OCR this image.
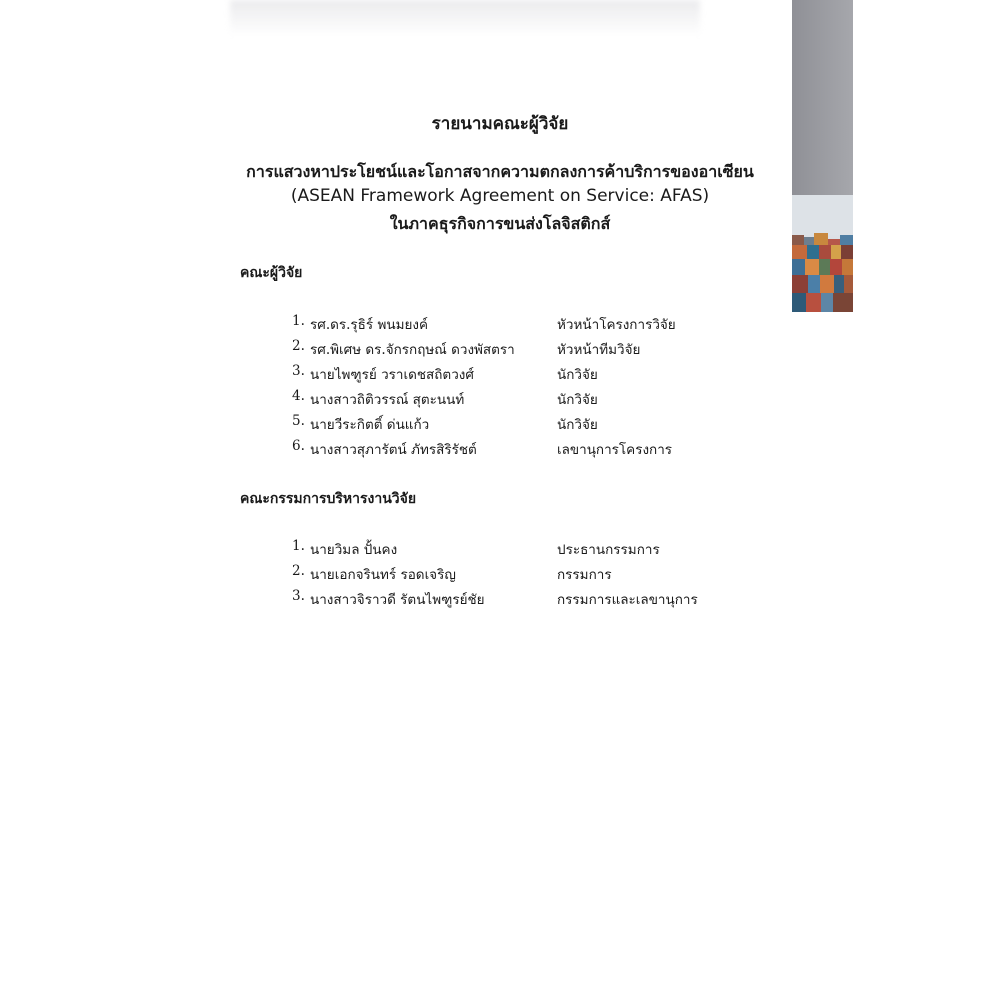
รายนามคณะผู้วิจัย
การแสวงหาประโยชน์และโอกาสจากความตกลงการค้าบริการของอาเซียน
(ASEAN Framework Agreement on Service: AFAS)
ในภาคธุรกิจการขนส่งโลจิสติกส์
คณะผู้วิจัย
1. รศ.ดร.รุธิร์ พนมยงค์	หัวหน้าโครงการวิจัย
2. รศ.พิเศษ ดร.จักรกฤษณ์ ดวงพัสตรา	หัวหน้าทีมวิจัย
3. นายไพฑูรย์ วราเดชสถิตวงศ์	นักวิจัย
4. นางสาวถิติวรรณ์ สุตะนนท์	นักวิจัย
5. นายวีระกิตติ์ ด่นแก้ว	นักวิจัย
6. นางสาวสุภารัตน์ ภัทรสิริรัชต์	เลขานุการโครงการ
คณะกรรมการบริหารงานวิจัย
1. นายวิมล ปั้นคง	ประธานกรรมการ
2. นายเอกจรินทร์ รอดเจริญ	กรรมการ
3. นางสาวจิราวดี รัตนไพฑูรย์ชัย	กรรมการและเลขานุการ
